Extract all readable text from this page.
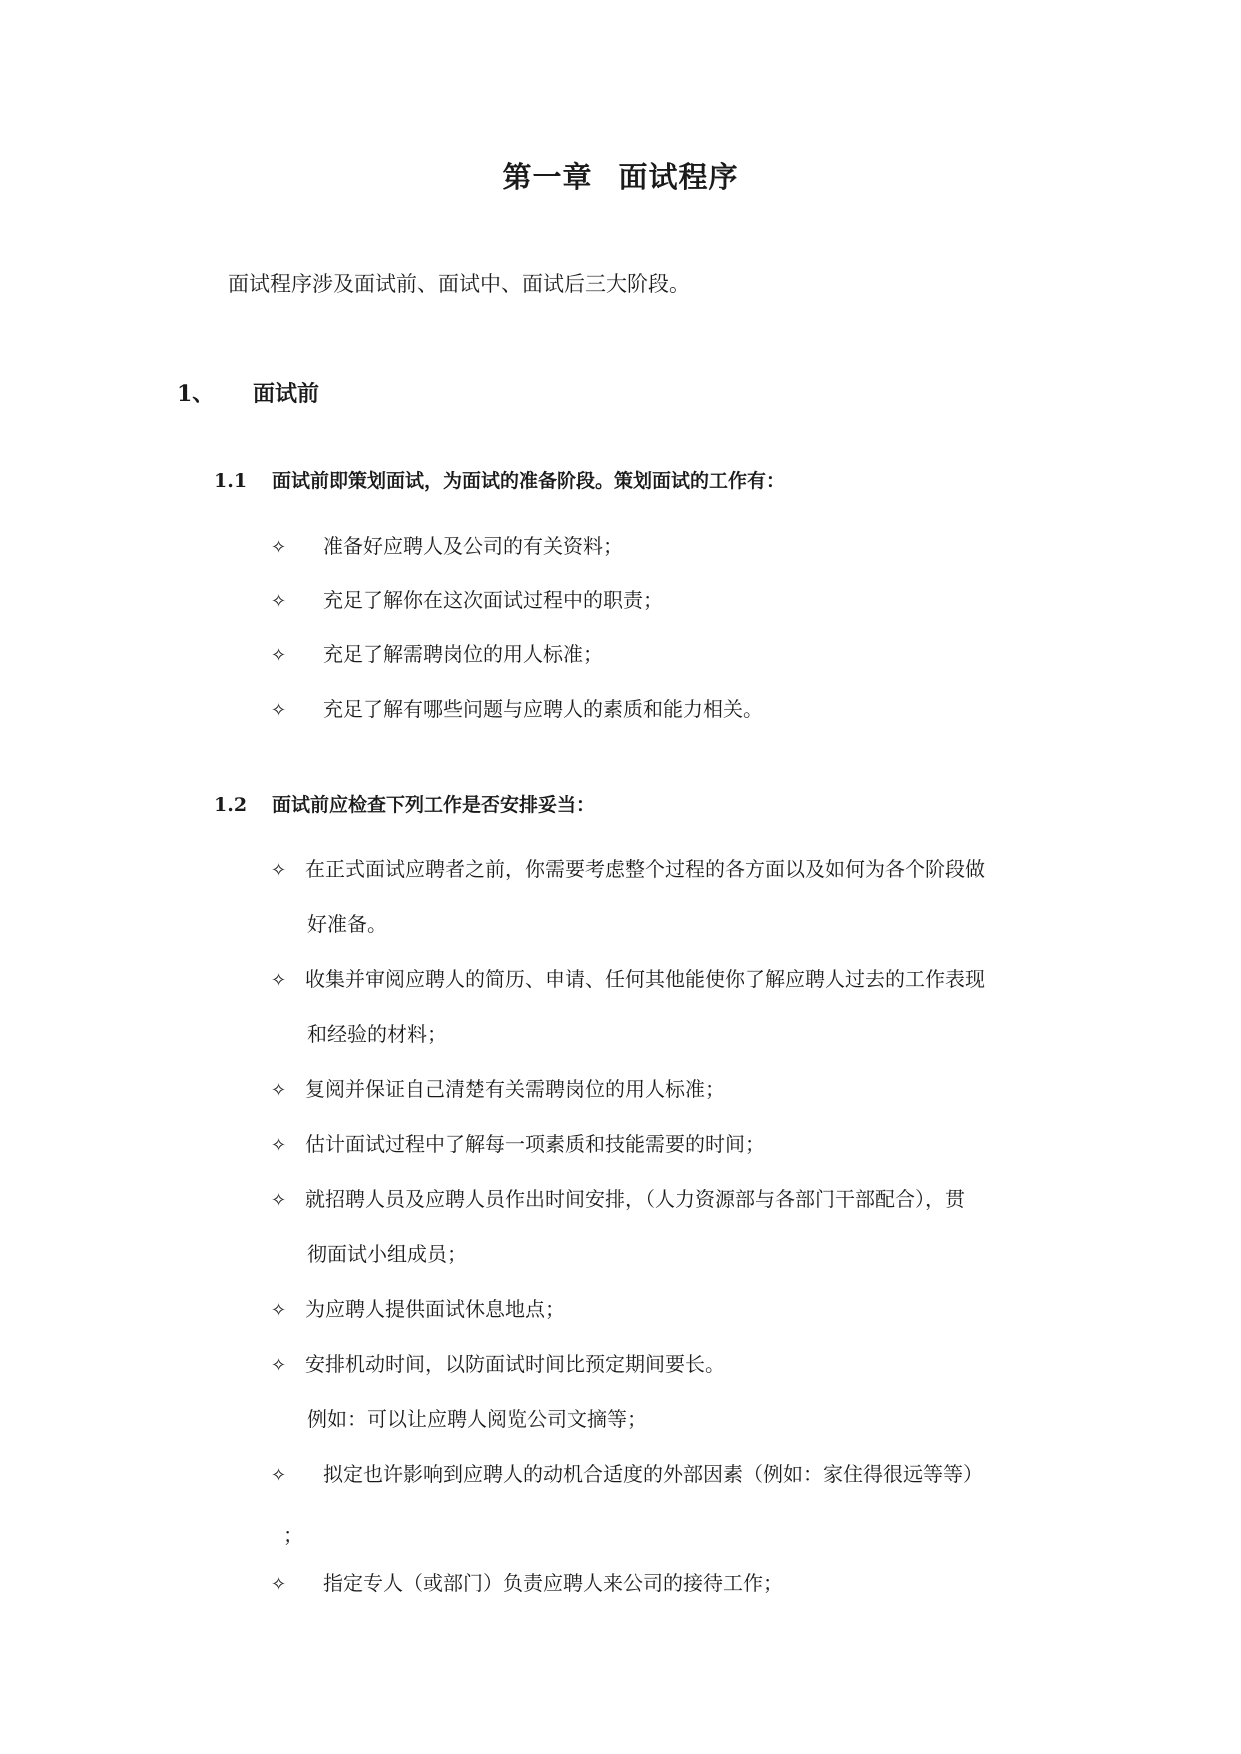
第一章 面试程序
面试程序涉及面试前、面试中、面试后三大阶段。
1、 面试前
1.1 面试前即策划面试，为面试的准备阶段。策划面试的工作有：
✧ 准备好应聘人及公司的有关资料；
✧ 充足了解你在这次面试过程中的职责；
✧ 充足了解需聘岗位的用人标准；
✧ 充足了解有哪些问题与应聘人的素质和能力相关。
1.2 面试前应检查下列工作是否安排妥当：
✧ 在正式面试应聘者之前，你需要考虑整个过程的各方面以及如何为各个阶段做
好准备。
✧ 收集并审阅应聘人的简历、申请、任何其他能使你了解应聘人过去的工作表现
和经验的材料；
✧ 复阅并保证自己清楚有关需聘岗位的用人标准；
✧ 估计面试过程中了解每一项素质和技能需要的时间；
✧ 就招聘人员及应聘人员作出时间安排，（人力资源部与各部门干部配合），贯
彻面试小组成员；
✧ 为应聘人提供面试休息地点；
✧ 安排机动时间，以防面试时间比预定期间要长。
例如：可以让应聘人阅览公司文摘等；
✧ 拟定也许影响到应聘人的动机合适度的外部因素（例如：家住得很远等等）
；
✧ 指定专人（或部门）负责应聘人来公司的接待工作；
